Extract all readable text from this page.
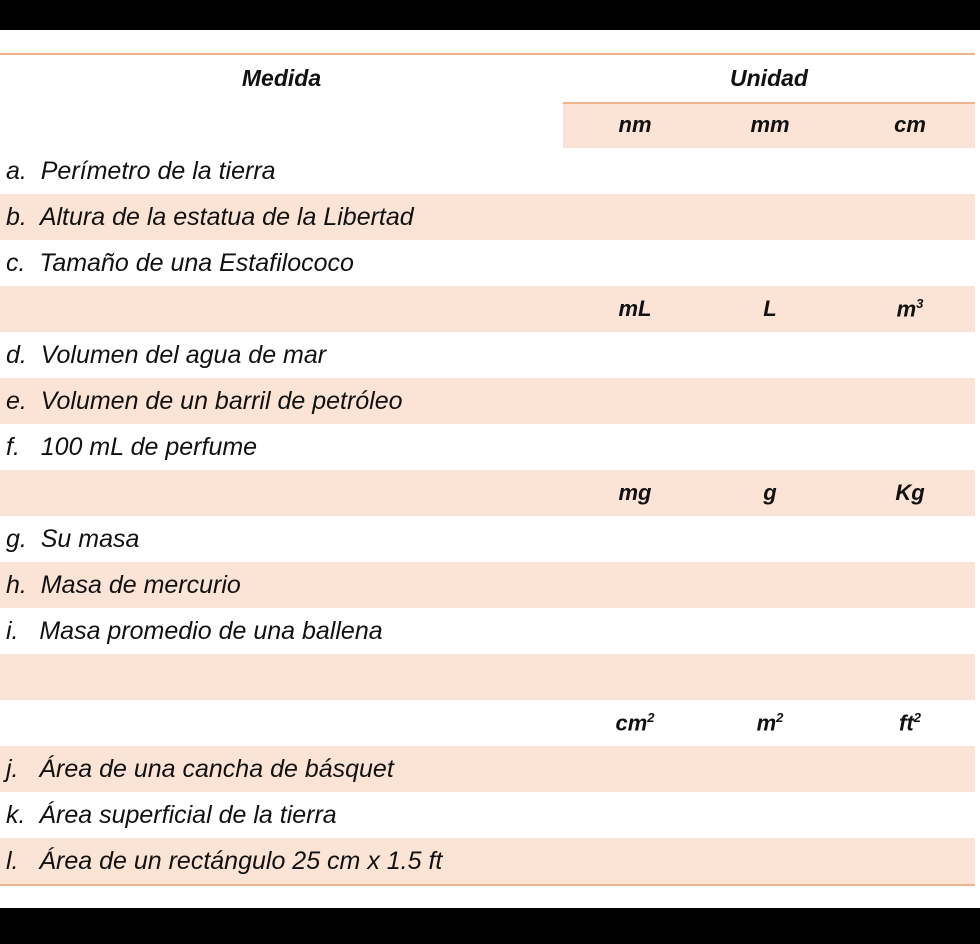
Medida	Unidad
nm	mm	cm
a.  Perímetro de la tierra
b.  Altura de la estatua de la Libertad
c.  Tamaño de una Estafilococo
mL	L	$m^3$
d.  Volumen del agua de mar
e.  Volumen de un barril de petróleo
f.   100 mL de perfume
mg	g	Kg
g.  Su masa
h.  Masa de mercurio
i.   Masa promedio de una ballena
$cm^2$	$m^2$	$ft^2$
j.   Área de una cancha de básquet
k.  Área superficial de la tierra
l.   Área de un rectángulo 25 cm x 1.5 ft
